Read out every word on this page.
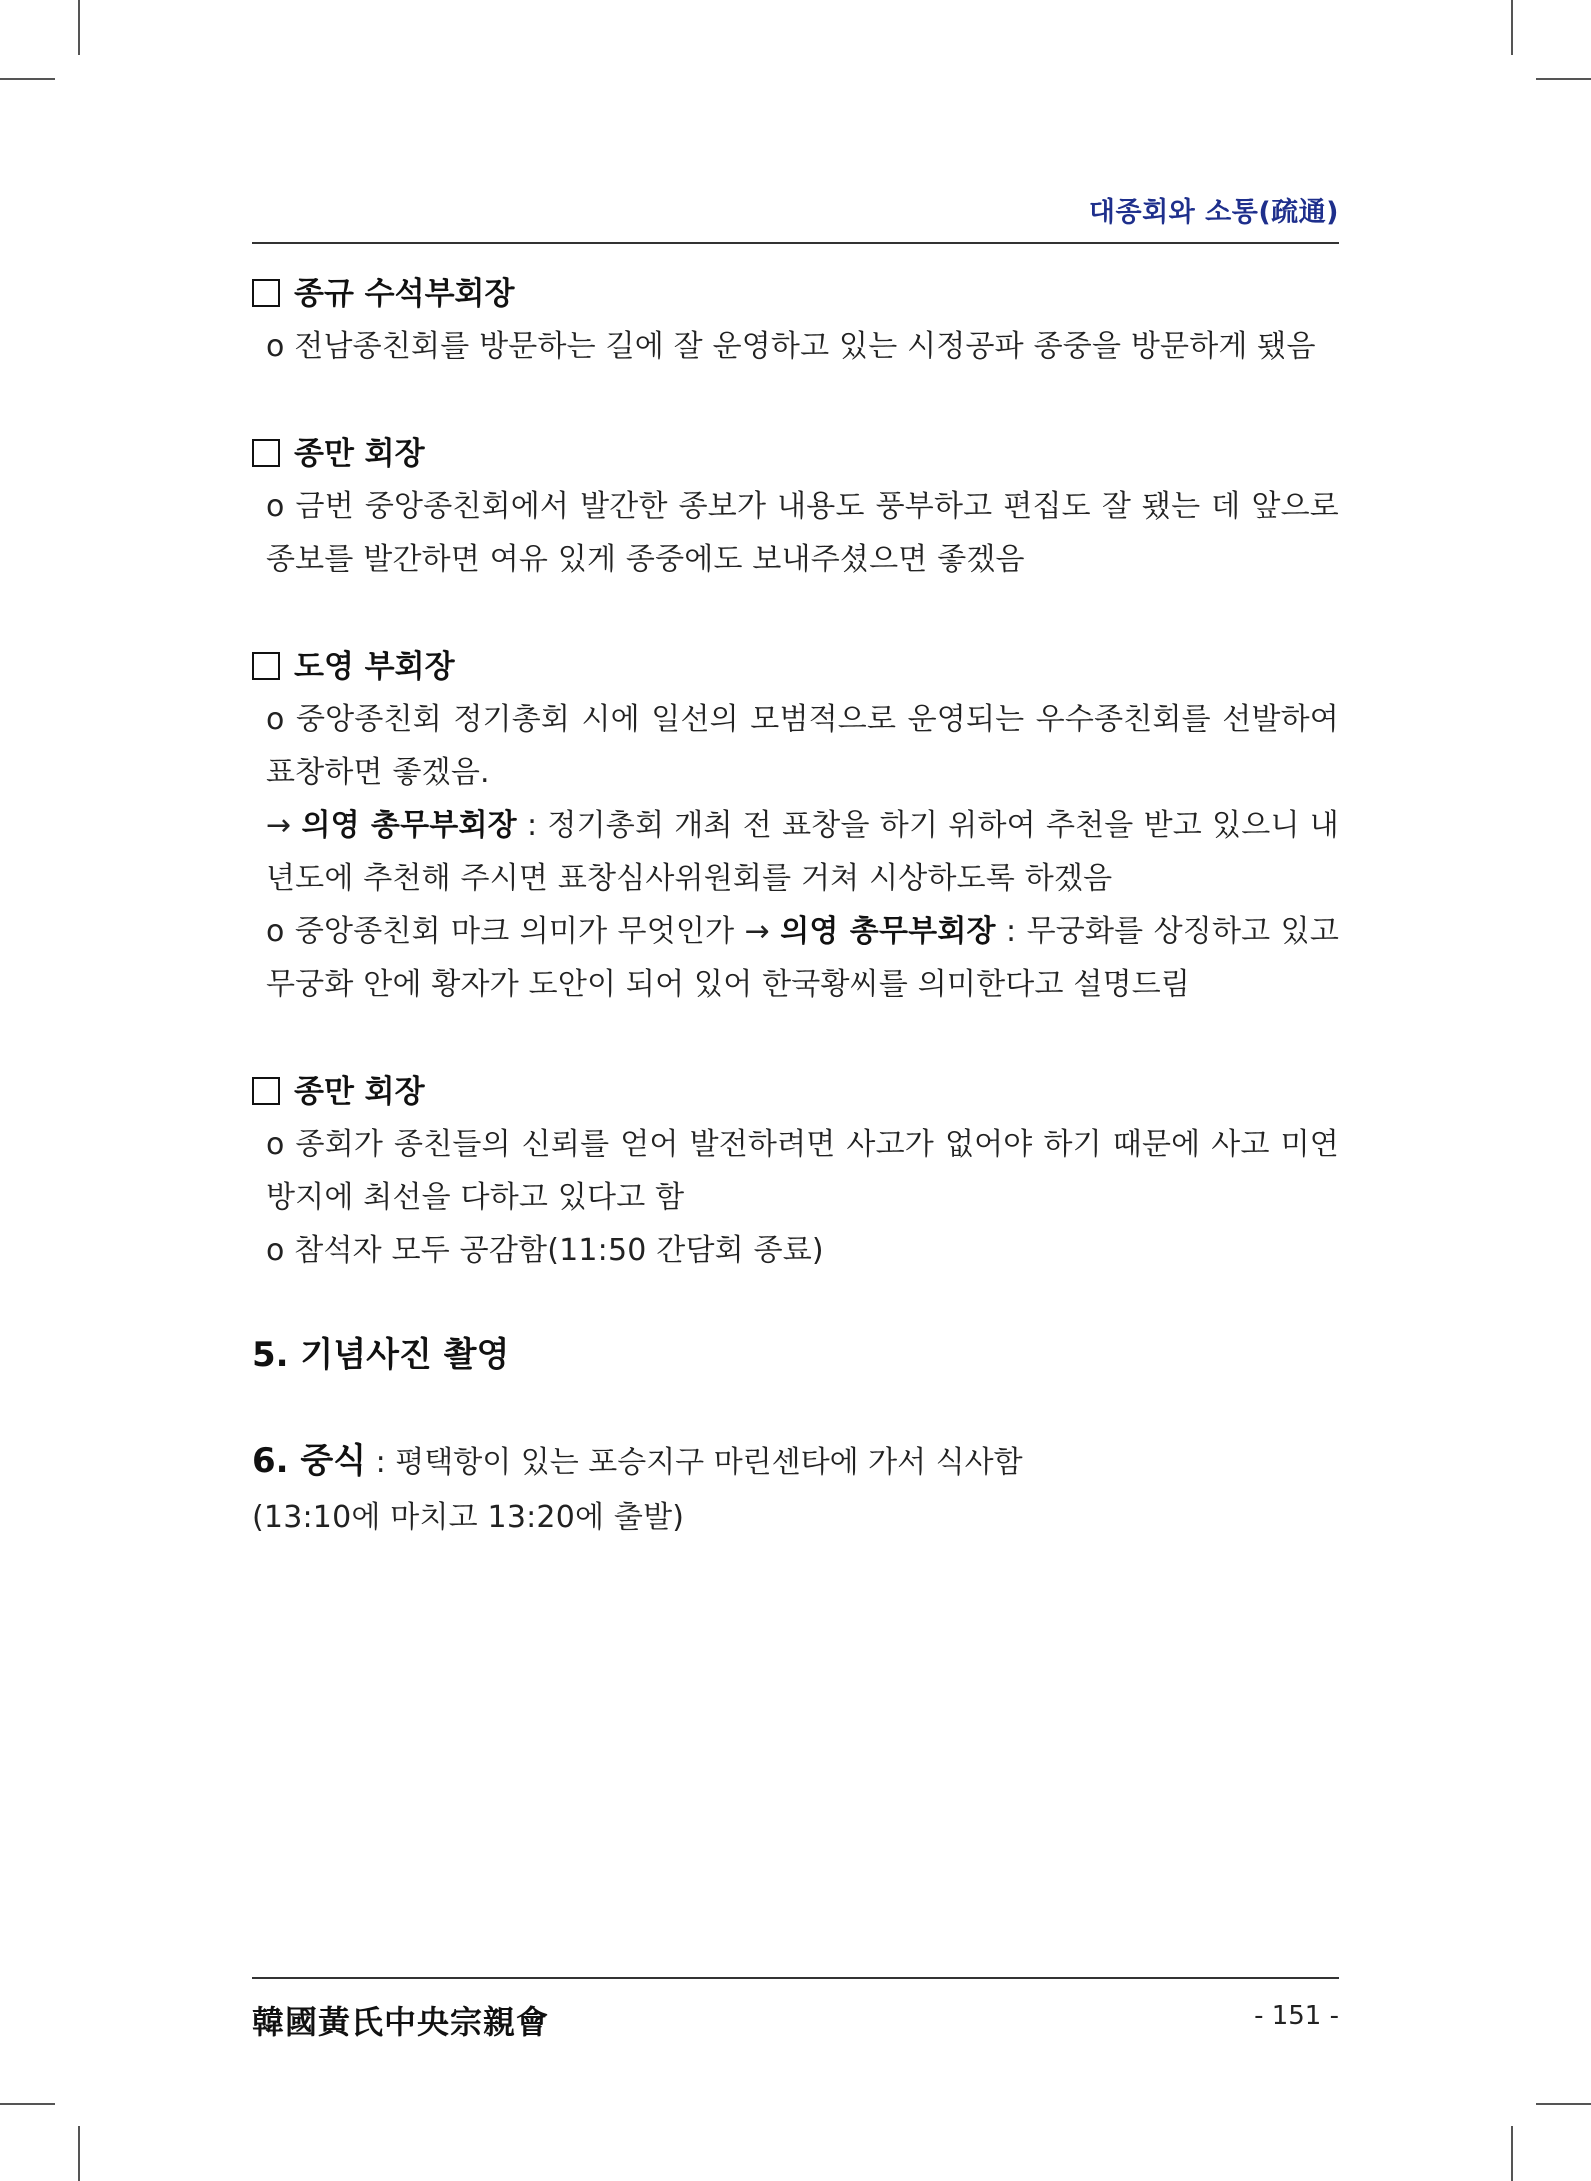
대종회와 소통(疏通)
종규 수석부회장
o 전남종친회를 방문하는 길에 잘 운영하고 있는 시정공파 종중을 방문하게 됐음
종만 회장
o 금번 중앙종친회에서 발간한 종보가 내용도 풍부하고 편집도 잘 됐는 데 앞으로 종보를 발간하면 여유 있게 종중에도 보내주셨으면 좋겠음
도영 부회장
o 중앙종친회 정기총회 시에 일선의 모범적으로 운영되는 우수종친회를 선발하여 표창하면 좋겠음.
→ 의영 총무부회장 : 정기총회 개최 전 표창을 하기 위하여 추천을 받고 있으니 내년도에 추천해 주시면 표창심사위원회를 거쳐 시상하도록 하겠음
o 중앙종친회 마크 의미가 무엇인가 → 의영 총무부회장 : 무궁화를 상징하고 있고 무궁화 안에 황자가 도안이 되어 있어 한국황씨를 의미한다고 설명드림
종만 회장
o 종회가 종친들의 신뢰를 얻어 발전하려면 사고가 없어야 하기 때문에 사고 미연 방지에 최선을 다하고 있다고 함
o 참석자 모두 공감함(11:50 간담회 종료)
5. 기념사진 촬영
6. 중식 : 평택항이 있는 포승지구 마린센타에 가서 식사함
(13:10에 마치고 13:20에 출발)
韓國黃氏中央宗親會	- 151 -
